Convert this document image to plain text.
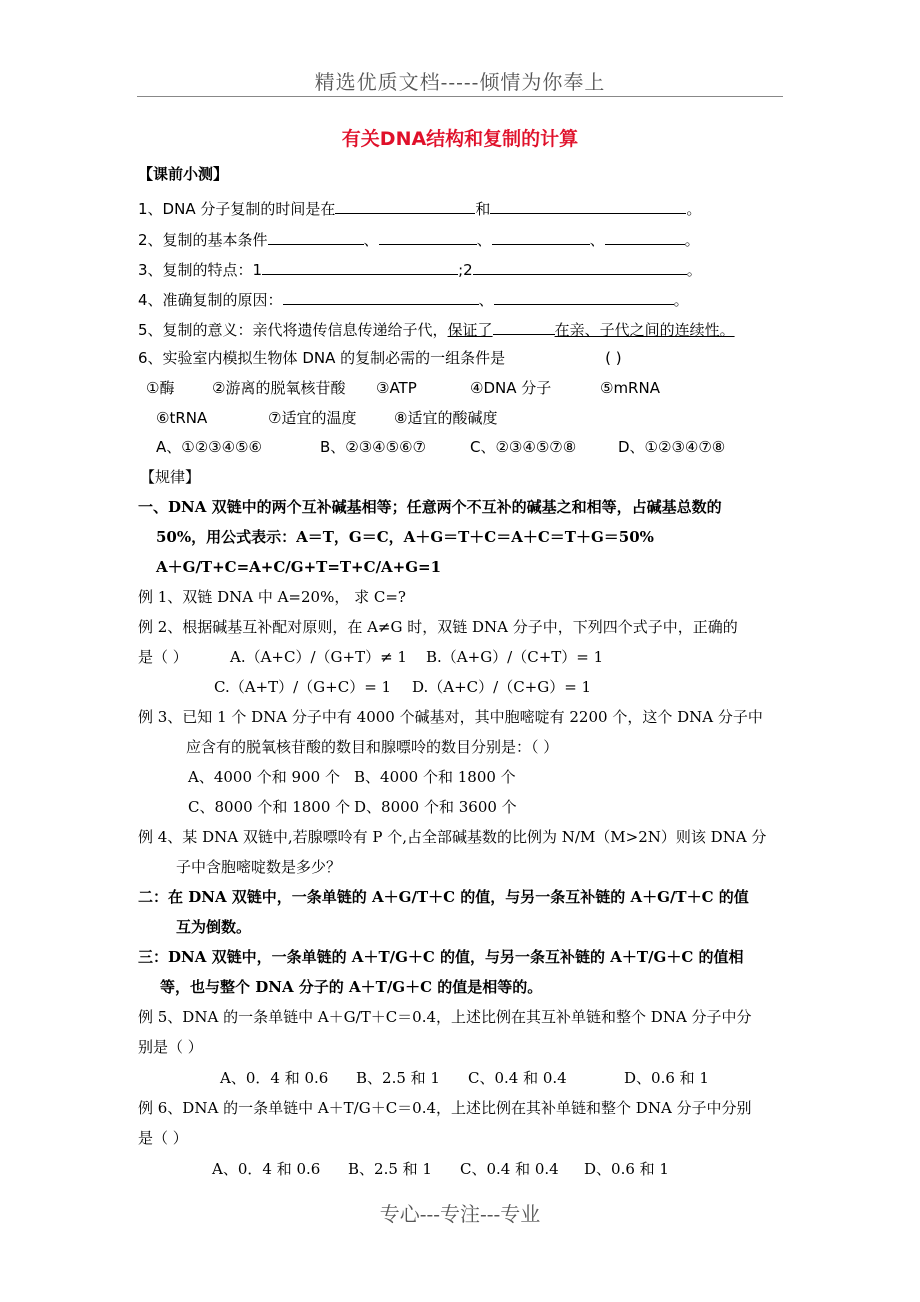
精选优质文档-----倾情为你奉上
有关DNA结构和复制的计算
【课前小测】
1、DNA 分子复制的时间是在	和	。
2、复制的基本条件	、	、	、	。
3、复制的特点：1	;2	。
4、准确复制的原因：	、	。
5、复制的意义：亲代将遗传信息传递给子代，保证了	在亲、子代之间的连续性。
6、实验室内模拟生物体 DNA 的复制必需的一组条件是	( )
①酶	②游离的脱氧核苷酸 ③ATP	④DNA 分子	⑤mRNA
⑥tRNA	⑦适宜的温度	⑧适宜的酸碱度
A、①②③④⑤⑥	B、②③④⑤⑥⑦	C、②③④⑤⑦⑧	D、①②③④⑦⑧
【规律】
一、DNA 双链中的两个互补碱基相等；任意两个不互补的碱基之和相等，占碱基总数的
50%，用公式表示：A＝T，G＝C，A＋G＝T＋C＝A＋C＝T＋G＝50%
A＋G/T+C=A+C/G+T=T+C/A+G=1
例 1、双链 DNA 中 A=20%， 求 C=?
例 2、根据碱基互补配对原则，在 A≠G 时，双链 DNA 分子中，下列四个式子中，正确的
是（ ）	A.（A+C）/（G+T）≠ 1 B.（A+G）/（C+T）= 1
C.（A+T）/（G+C）= 1 D.（A+C）/（C+G）= 1
例 3、已知 1 个 DNA 分子中有 4000 个碱基对，其中胞嘧啶有 2200 个，这个 DNA 分子中
应含有的脱氧核苷酸的数目和腺嘌呤的数目分别是：（ ）
A、4000 个和 900 个 B、4000 个和 1800 个
C、8000 个和 1800 个 D、8000 个和 3600 个
例 4、某 DNA 双链中,若腺嘌呤有 P 个,占全部碱基数的比例为 N/M（M>2N）则该 DNA 分
子中含胞嘧啶数是多少？
二：在 DNA 双链中，一条单链的 A＋G/T＋C 的值，与另一条互补链的 A＋G/T＋C 的值
互为倒数。
三：DNA 双链中，一条单链的 A＋T/G＋C 的值，与另一条互补链的 A＋T/G＋C 的值相
等，也与整个 DNA 分子的 A＋T/G＋C 的值是相等的。
例 5、DNA 的一条单链中 A＋G/T＋C＝0.4，上述比例在其互补单链和整个 DNA 分子中分
别是（ ）
A、0．4 和 0.6 B、2.5 和 1 C、0.4 和 0.4	D、0.6 和 1
例 6、DNA 的一条单链中 A＋T/G＋C＝0.4，上述比例在其补单链和整个 DNA 分子中分别
是（ ）
A、0．4 和 0.6 B、2.5 和 1 C、0.4 和 0.4 D、0.6 和 1
专心---专注---专业
